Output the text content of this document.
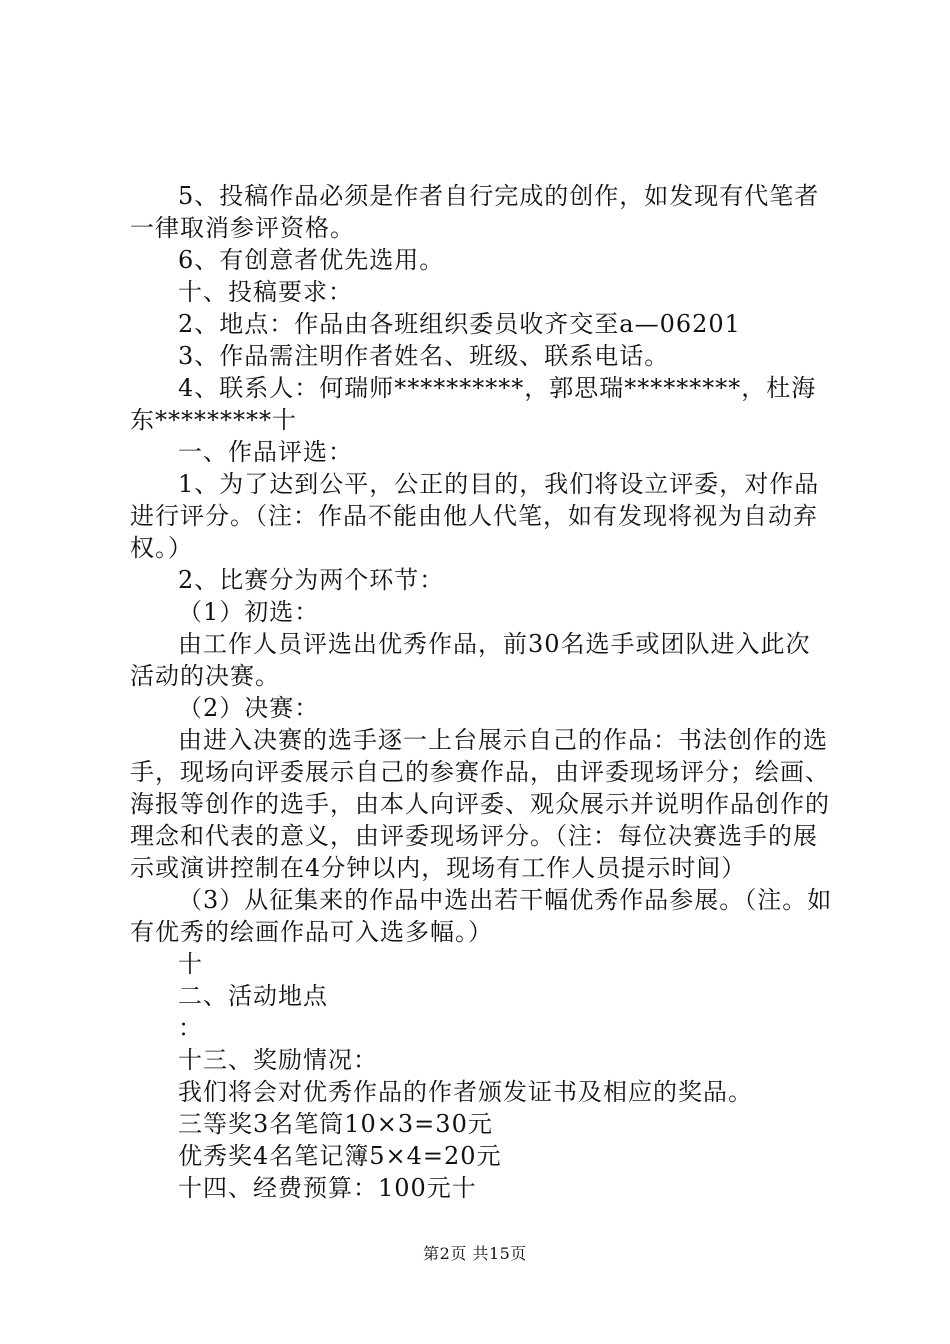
5、投稿作品必须是作者自行完成的创作，如发现有代笔者一律取消参评资格。

6、有创意者优先选用。

十、投稿要求：

2、地点：作品由各班组织委员收齐交至a—06201

3、作品需注明作者姓名、班级、联系电话。

4、联系人：何瑞师**********，郭思瑞*********，杜海东*********十

一、作品评选：

1、为了达到公平，公正的目的，我们将设立评委，对作品进行评分。（注：作品不能由他人代笔，如有发现将视为自动弃权。）

2、比赛分为两个环节：

（1）初选：

由工作人员评选出优秀作品，前30名选手或团队进入此次活动的决赛。

（2）决赛：

由进入决赛的选手逐一上台展示自己的作品：书法创作的选手，现场向评委展示自己的参赛作品，由评委现场评分；绘画、海报等创作的选手，由本人向评委、观众展示并说明作品创作的理念和代表的意义，由评委现场评分。（注：每位决赛选手的展示或演讲控制在4分钟以内，现场有工作人员提示时间）

（3）从征集来的作品中选出若干幅优秀作品参展。（注。如有优秀的绘画作品可入选多幅。）

十

二、活动地点

：

十三、奖励情况：

我们将会对优秀作品的作者颁发证书及相应的奖品。

三等奖3名笔筒10×3=30元

优秀奖4名笔记簿5×4=20元

十四、经费预算：100元十

第2页 共15页
